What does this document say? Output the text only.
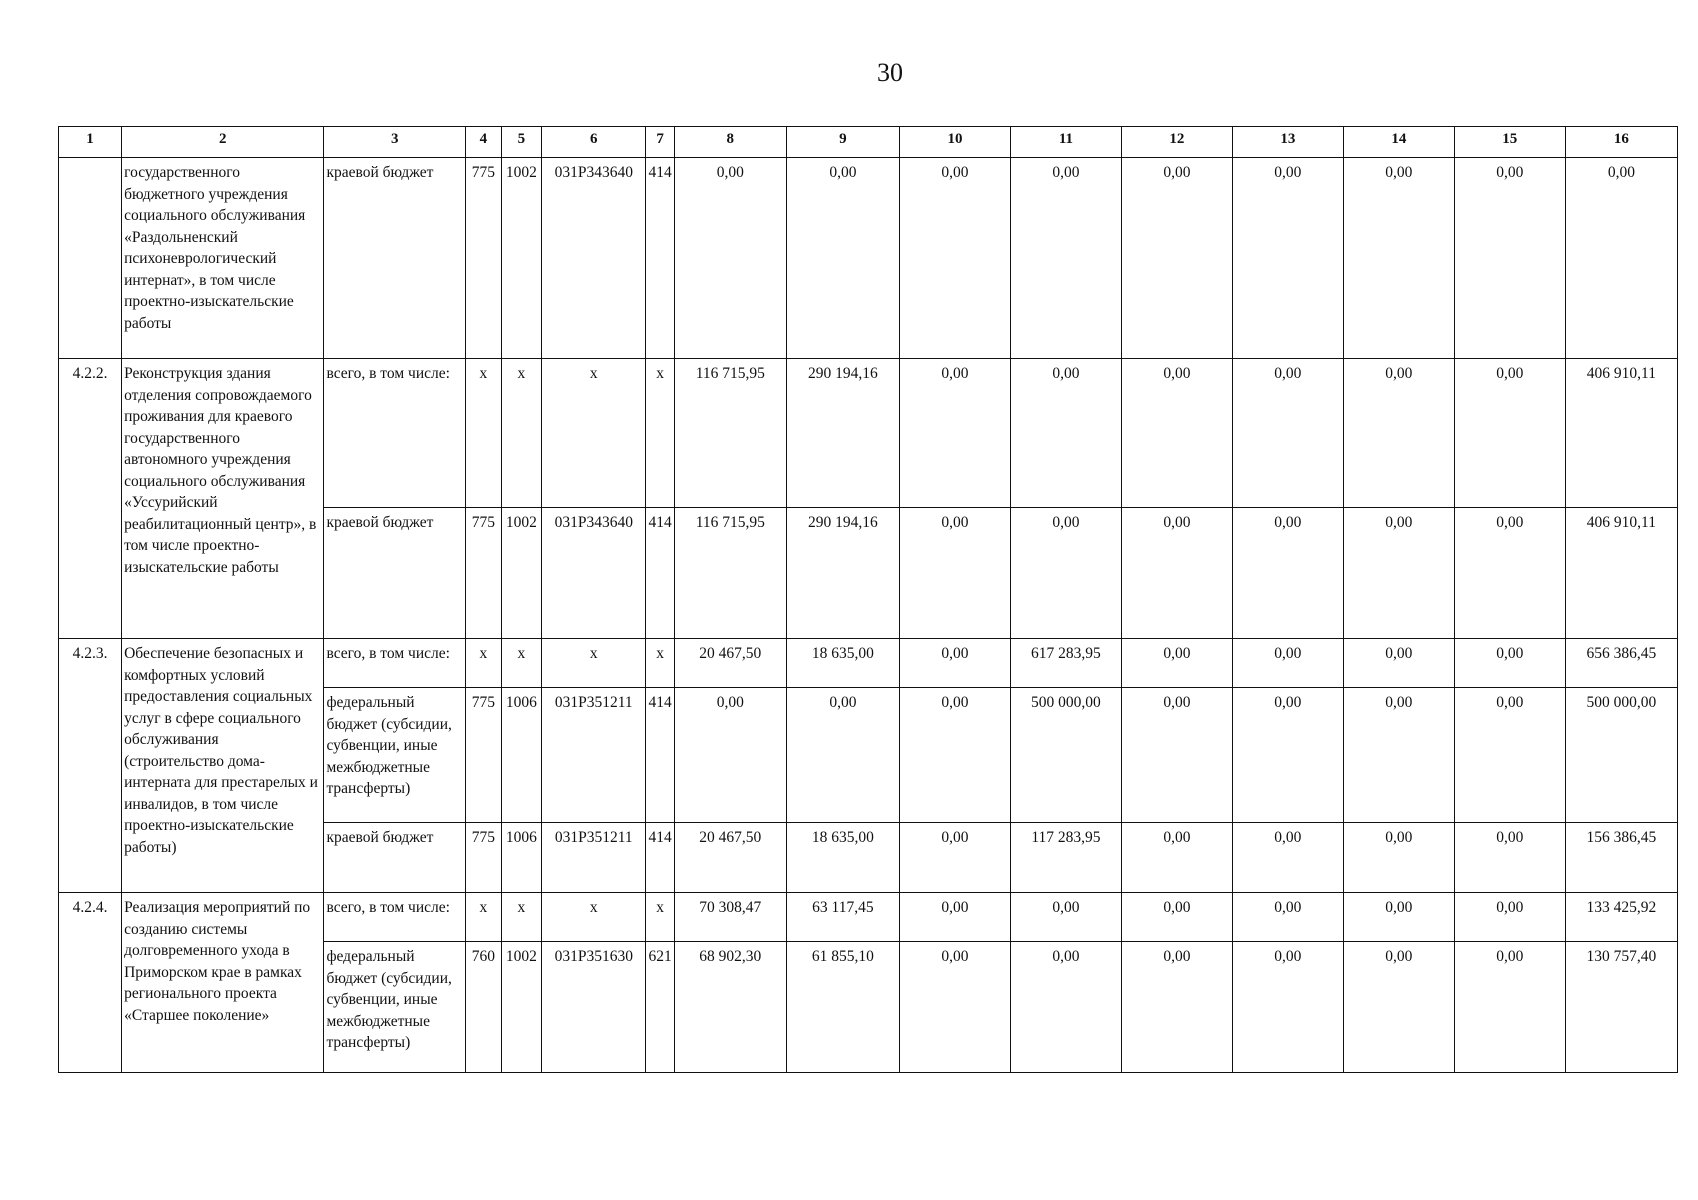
30
1	2	3	4	5	6	7	8	9	10	11	12	13	14	15	16
	государственного бюджетного учреждения социального обслуживания «Раздольненский психоневрологический интернат», в том числе проектно-изыскательские работы	краевой бюджет	775	1002	031P343640	414	0,00	0,00	0,00	0,00	0,00	0,00	0,00	0,00	0,00
4.2.2.	Реконструкция здания отделения сопровождаемого проживания для краевого государственного автономного учреждения социального обслуживания «Уссурийский реабилитационный центр», в том числе проектно-изыскательские работы	всего, в том числе:	х	х	х	х	116 715,95	290 194,16	0,00	0,00	0,00	0,00	0,00	0,00	406 910,11
		краевой бюджет	775	1002	031P343640	414	116 715,95	290 194,16	0,00	0,00	0,00	0,00	0,00	0,00	406 910,11
4.2.3.	Обеспечение безопасных и комфортных условий предоставления социальных услуг в сфере социального обслуживания (строительство дома-интерната для престарелых и инвалидов, в том числе проектно-изыскательские работы)	всего, в том числе:	х	х	х	х	20 467,50	18 635,00	0,00	617 283,95	0,00	0,00	0,00	0,00	656 386,45
		федеральный бюджет (субсидии, субвенции, иные межбюджетные трансферты)	775	1006	031P351211	414	0,00	0,00	0,00	500 000,00	0,00	0,00	0,00	0,00	500 000,00
		краевой бюджет	775	1006	031P351211	414	20 467,50	18 635,00	0,00	117 283,95	0,00	0,00	0,00	0,00	156 386,45
4.2.4.	Реализация мероприятий по созданию системы долговременного ухода в Приморском крае в рамках регионального проекта «Старшее поколение»	всего, в том числе:	х	х	х	х	70 308,47	63 117,45	0,00	0,00	0,00	0,00	0,00	0,00	133 425,92
		федеральный бюджет (субсидии, субвенции, иные межбюджетные трансферты)	760	1002	031P351630	621	68 902,30	61 855,10	0,00	0,00	0,00	0,00	0,00	0,00	130 757,40
